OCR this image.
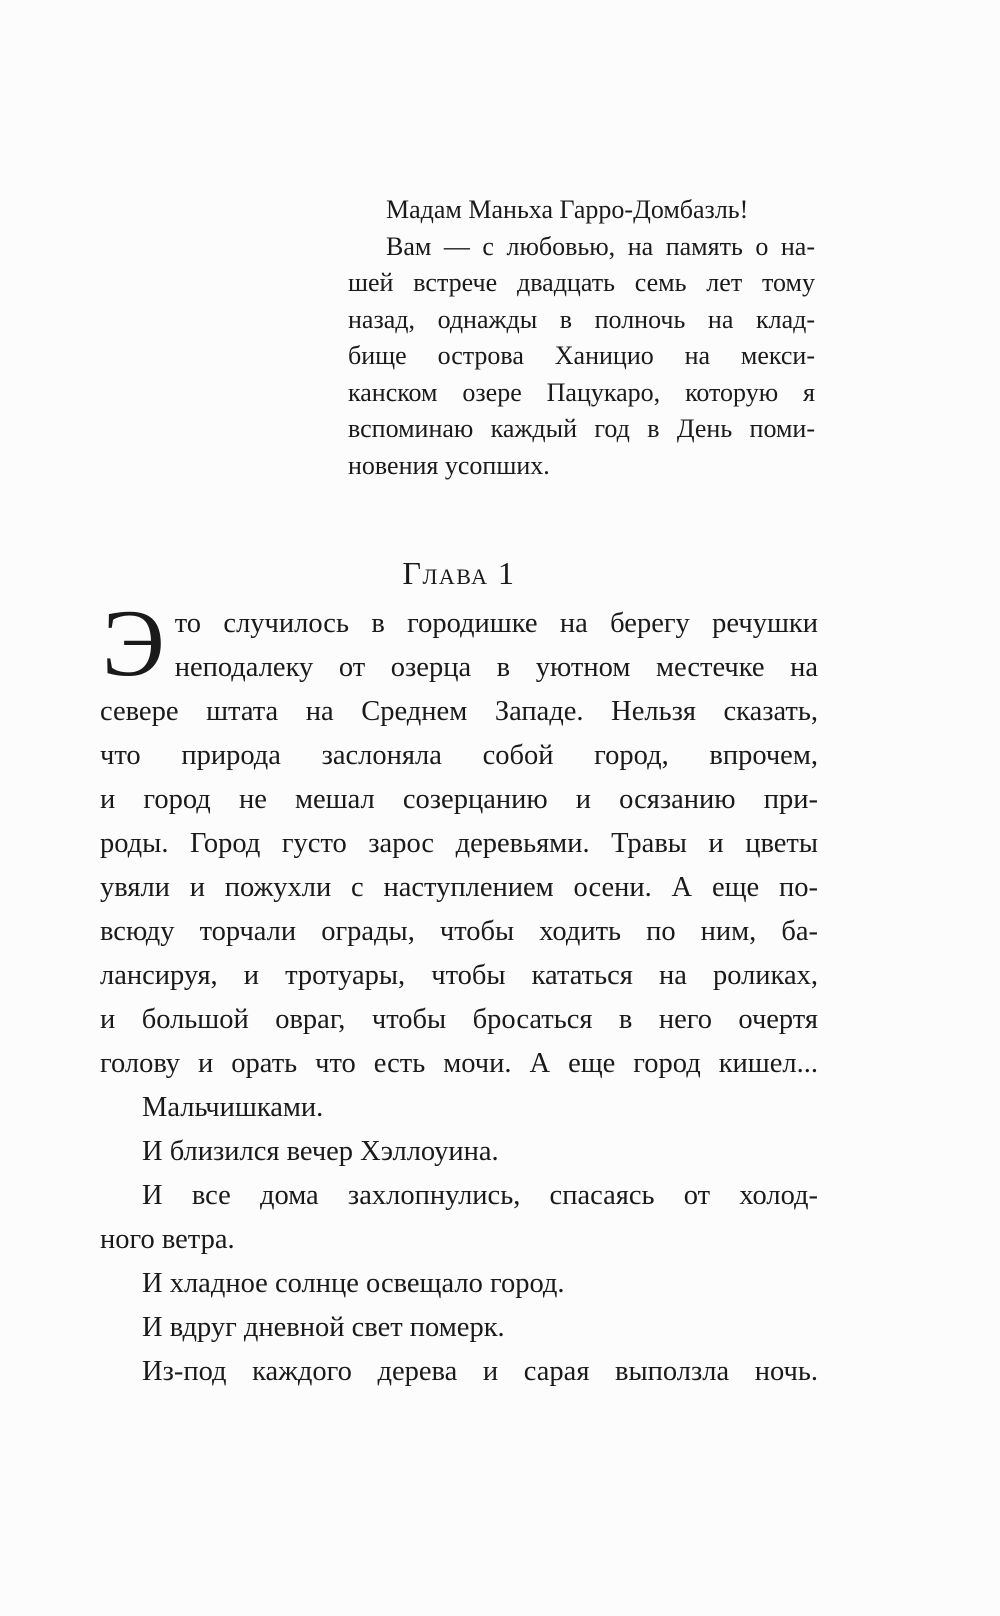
Мадам Маньха Гарро-Домбазль!
Вам — с любовью, на память о на-
шей встрече двадцать семь лет тому
назад, однажды в полночь на клад-
бище острова Ханицио на мекси-
канском озере Пацукаро, которую я
вспоминаю каждый год в День поми-
новения усопших.
Глава 1
Э то случилось в городишке на берегу речушки
неподалеку от озерца в уютном местечке на
севере штата на Среднем Западе. Нельзя сказать,
что природа заслоняла собой город, впрочем,
и город не мешал созерцанию и осязанию при-
роды. Город густо зарос деревьями. Травы и цветы
увяли и пожухли с наступлением осени. А еще по-
всюду торчали ограды, чтобы ходить по ним, ба-
лансируя, и тротуары, чтобы кататься на роликах,
и большой овраг, чтобы бросаться в него очертя
голову и орать что есть мочи. А еще город кишел...
Мальчишками.
И близился вечер Хэллоуина.
И все дома захлопнулись, спасаясь от холод-
ного ветра.
И хладное солнце освещало город.
И вдруг дневной свет померк.
Из-под каждого дерева и сарая выползла ночь.
